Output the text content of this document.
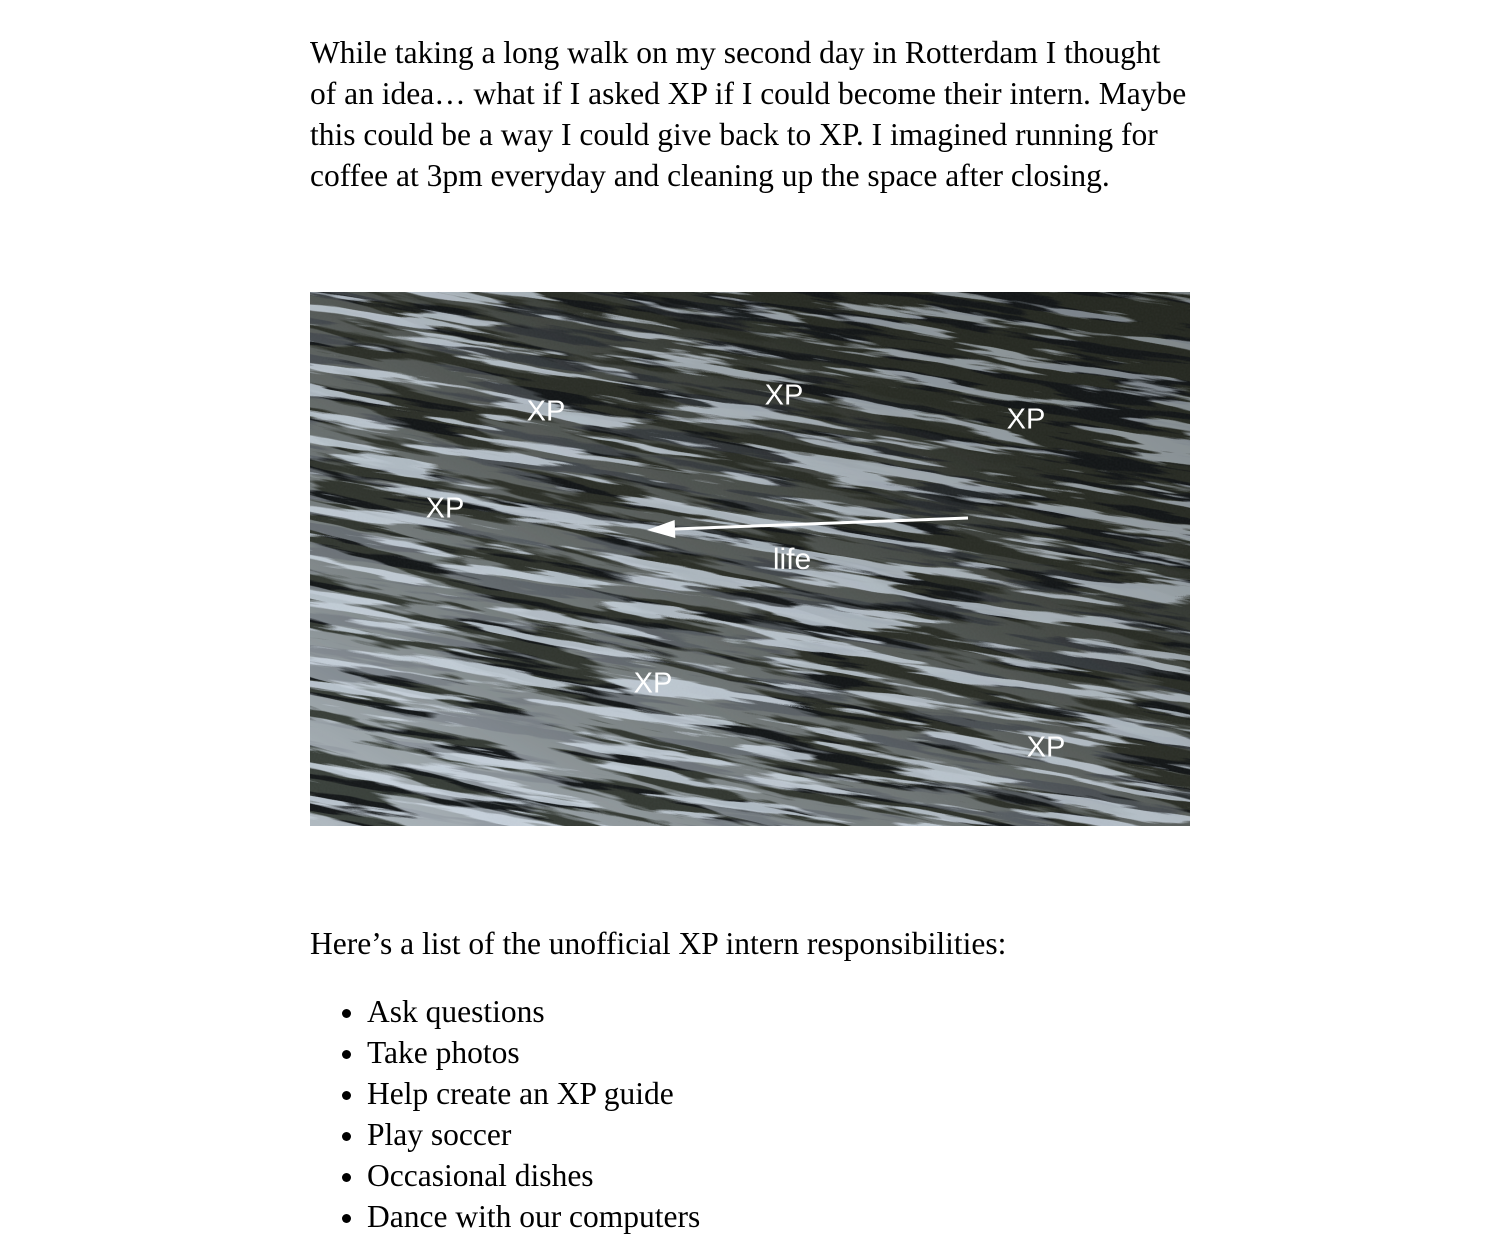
While taking a long walk on my second day in Rotterdam I thought of an idea… what if I asked XP if I could become their intern. Maybe this could be a way I could give back to XP. I imagined running for coffee at 3pm everyday and cleaning up the space after closing.

life
XP	XP
XP
XP
XP
XP

Here’s a list of the unofficial XP intern responsibilities:

• Ask questions
• Take photos
• Help create an XP guide
• Play soccer
• Occasional dishes
• Dance with our computers
